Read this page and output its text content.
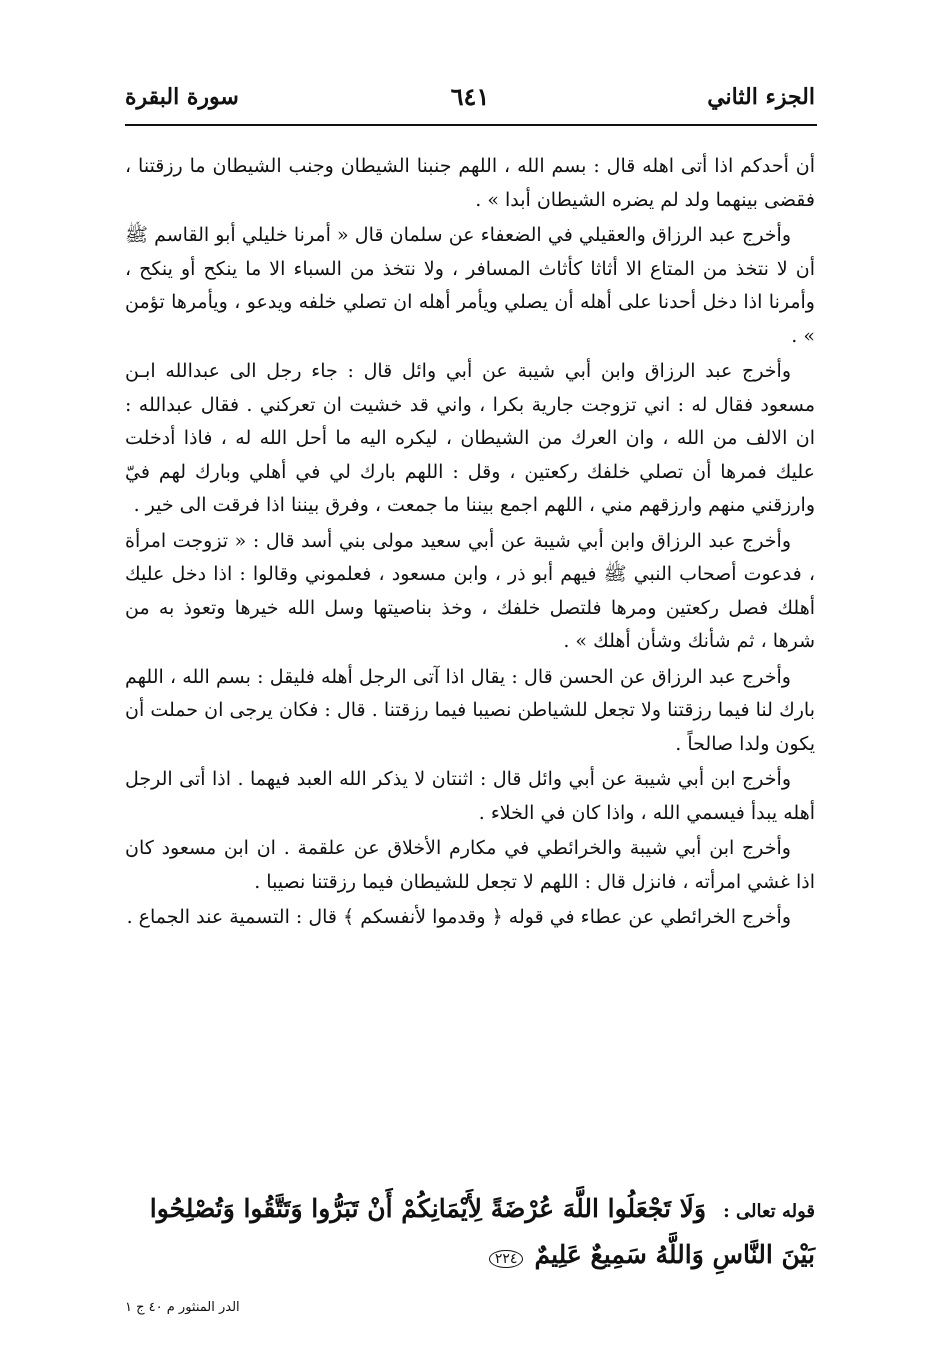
الجزء الثاني
٦٤١
سورة البقرة

أن أحدكم اذا أتى اهله قال : بسم الله ، اللهم جنبنا الشيطان وجنب الشيطان ما رزقتنا ، فقضى بينهما ولد لم يضره الشيطان أبدا » .

وأخرج عبد الرزاق والعقيلي في الضعفاء عن سلمان قال « أمرنا خليلي أبو القاسم ﷺ أن لا نتخذ من المتاع الا أثاثا كأثاث المسافر ، ولا نتخذ من السباء الا ما ينكح أو ينكح ، وأمرنا اذا دخل أحدنا على أهله أن يصلي ويأمر أهله ان تصلي خلفه ويدعو ، ويأمرها تؤمن » .

وأخرج عبد الرزاق وابن أبي شيبة عن أبي وائل قال : جاء رجل الى عبدالله ابـن مسعود فقال له : اني تزوجت جارية بكرا ، واني قد خشيت ان تعركني . فقال عبدالله : ان الالف من الله ، وان العرك من الشيطان ، ليكره اليه ما أحل الله له ، فاذا أدخلت عليك فمرها أن تصلي خلفك ركعتين ، وقل : اللهم بارك لي في أهلي وبارك لهم فيّ وارزقني منهم وارزقهم مني ، اللهم اجمع بيننا ما جمعت ، وفرق بيننا اذا فرقت الى خير .

وأخرج عبد الرزاق وابن أبي شيبة عن أبي سعيد مولى بني أسد قال : « تزوجت امرأة ، فدعوت أصحاب النبي ﷺ فيهم أبو ذر ، وابن مسعود ، فعلموني وقالوا : اذا دخل عليك أهلك فصل ركعتين ومرها فلتصل خلفك ، وخذ بناصيتها وسل الله خيرها وتعوذ به من شرها ، ثم شأنك وشأن أهلك » .

وأخرج عبد الرزاق عن الحسن قال : يقال اذا آتى الرجل أهله فليقل : بسم الله ، اللهم بارك لنا فيما رزقتنا ولا تجعل للشياطن نصيبا فيما رزقتنا . قال : فكان يرجى ان حملت أن يكون ولدا صالحاً .

وأخرج ابن أبي شيبة عن أبي وائل قال : اثنتان لا يذكر الله العبد فيهما . اذا أتى الرجل أهله يبدأ فيسمي الله ، واذا كان في الخلاء .

وأخرج ابن أبي شيبة والخرائطي في مكارم الأخلاق عن علقمة . ان ابن مسعود كان اذا غشي امرأته ، فانزل قال : اللهم لا تجعل للشيطان فيما رزقتنا نصيبا .

وأخرج الخرائطي عن عطاء في قوله ﴿ وقدموا لأنفسكم ﴾ قال : التسمية عند الجماع .

قوله تعالى : وَلَا تَجْعَلُوا اللَّهَ عُرْضَةً لِأَيْمَانِكُمْ أَنْ تَبَرُّوا وَتَتَّقُوا وَتُصْلِحُوا بَيْنَ النَّاسِ وَاللَّهُ سَمِيعٌ عَلِيمٌ ٢٢٤
الدر المنثور م ٤٠ ج ١
